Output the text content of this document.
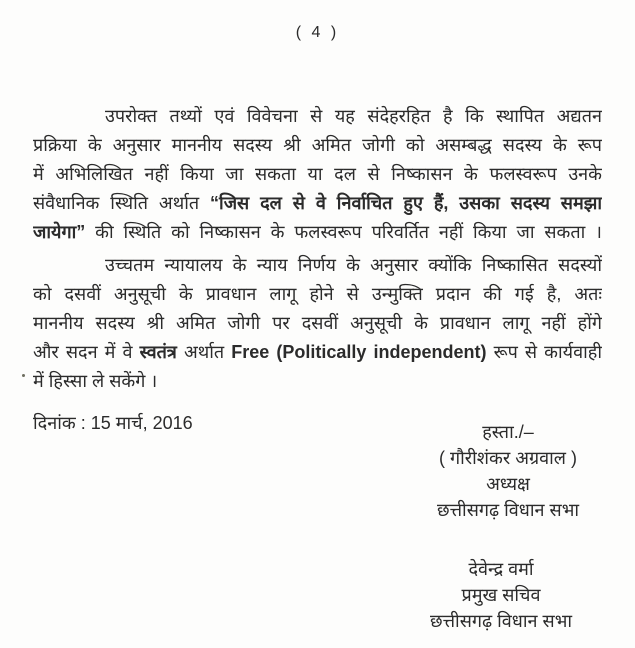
( 4 )
उपरोक्त तथ्यों एवं विवेचना से यह संदेहरहित है कि स्थापित अद्यतन
प्रक्रिया के अनुसार माननीय सदस्य श्री अमित जोगी को असम्बद्ध सदस्य के रूप
में अभिलिखित नहीं किया जा सकता या दल से निष्कासन के फलस्वरूप उनके
संवैधानिक स्थिति अर्थात “जिस दल से वे निर्वाचित हुए हैं, उसका सदस्य समझा
जायेगा” की स्थिति को निष्कासन के फलस्वरूप परिवर्तित नहीं किया जा सकता ।
उच्चतम न्यायालय के न्याय निर्णय के अनुसार क्योंकि निष्कासित सदस्यों
को दसवीं अनुसूची के प्रावधान लागू होने से उन्मुक्ति प्रदान की गई है, अतः
माननीय सदस्य श्री अमित जोगी पर दसवीं अनुसूची के प्रावधान लागू नहीं होंगे
और सदन में वे स्वतंत्र अर्थात Free (Politically independent) रूप से कार्यवाही
में हिस्सा ले सकेंगे ।
दिनांक : 15 मार्च, 2016	हस्ता./–
( गौरीशंकर अग्रवाल )
अध्यक्ष
छत्तीसगढ़ विधान सभा
देवेन्द्र वर्मा
प्रमुख सचिव
छत्तीसगढ़ विधान सभा
